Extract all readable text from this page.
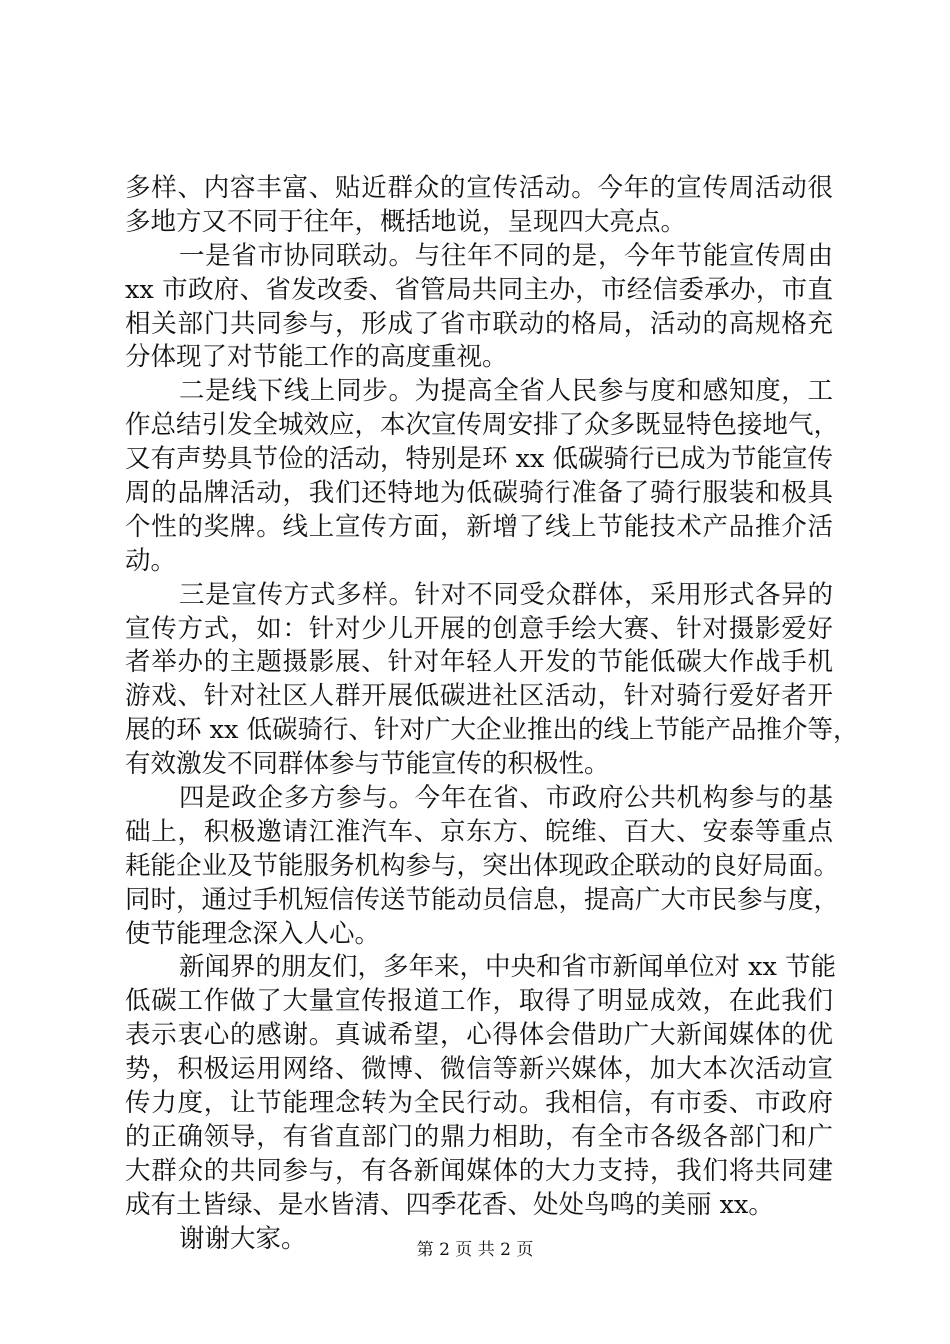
多样、内容丰富、贴近群众的宣传活动。今年的宣传周活动很
多地方又不同于往年，概括地说，呈现四大亮点。
一是省市协同联动。与往年不同的是，今年节能宣传周由
xx 市政府、省发改委、省管局共同主办，市经信委承办，市直
相关部门共同参与，形成了省市联动的格局，活动的高规格充
分体现了对节能工作的高度重视。
二是线下线上同步。为提高全省人民参与度和感知度，工
作总结引发全城效应，本次宣传周安排了众多既显特色接地气，
又有声势具节俭的活动，特别是环 xx 低碳骑行已成为节能宣传
周的品牌活动，我们还特地为低碳骑行准备了骑行服装和极具
个性的奖牌。线上宣传方面，新增了线上节能技术产品推介活
动。
三是宣传方式多样。针对不同受众群体，采用形式各异的
宣传方式，如：针对少儿开展的创意手绘大赛、针对摄影爱好
者举办的主题摄影展、针对年轻人开发的节能低碳大作战手机
游戏、针对社区人群开展低碳进社区活动，针对骑行爱好者开
展的环 xx 低碳骑行、针对广大企业推出的线上节能产品推介等，
有效激发不同群体参与节能宣传的积极性。
四是政企多方参与。今年在省、市政府公共机构参与的基
础上，积极邀请江淮汽车、京东方、皖维、百大、安泰等重点
耗能企业及节能服务机构参与，突出体现政企联动的良好局面。
同时，通过手机短信传送节能动员信息，提高广大市民参与度，
使节能理念深入人心。
新闻界的朋友们，多年来，中央和省市新闻单位对 xx 节能
低碳工作做了大量宣传报道工作，取得了明显成效，在此我们
表示衷心的感谢。真诚希望，心得体会借助广大新闻媒体的优
势，积极运用网络、微博、微信等新兴媒体，加大本次活动宣
传力度，让节能理念转为全民行动。我相信，有市委、市政府
的正确领导，有省直部门的鼎力相助，有全市各级各部门和广
大群众的共同参与，有各新闻媒体的大力支持，我们将共同建
成有土皆绿、是水皆清、四季花香、处处鸟鸣的美丽 xx。
谢谢大家。	第 2 页 共 2 页
